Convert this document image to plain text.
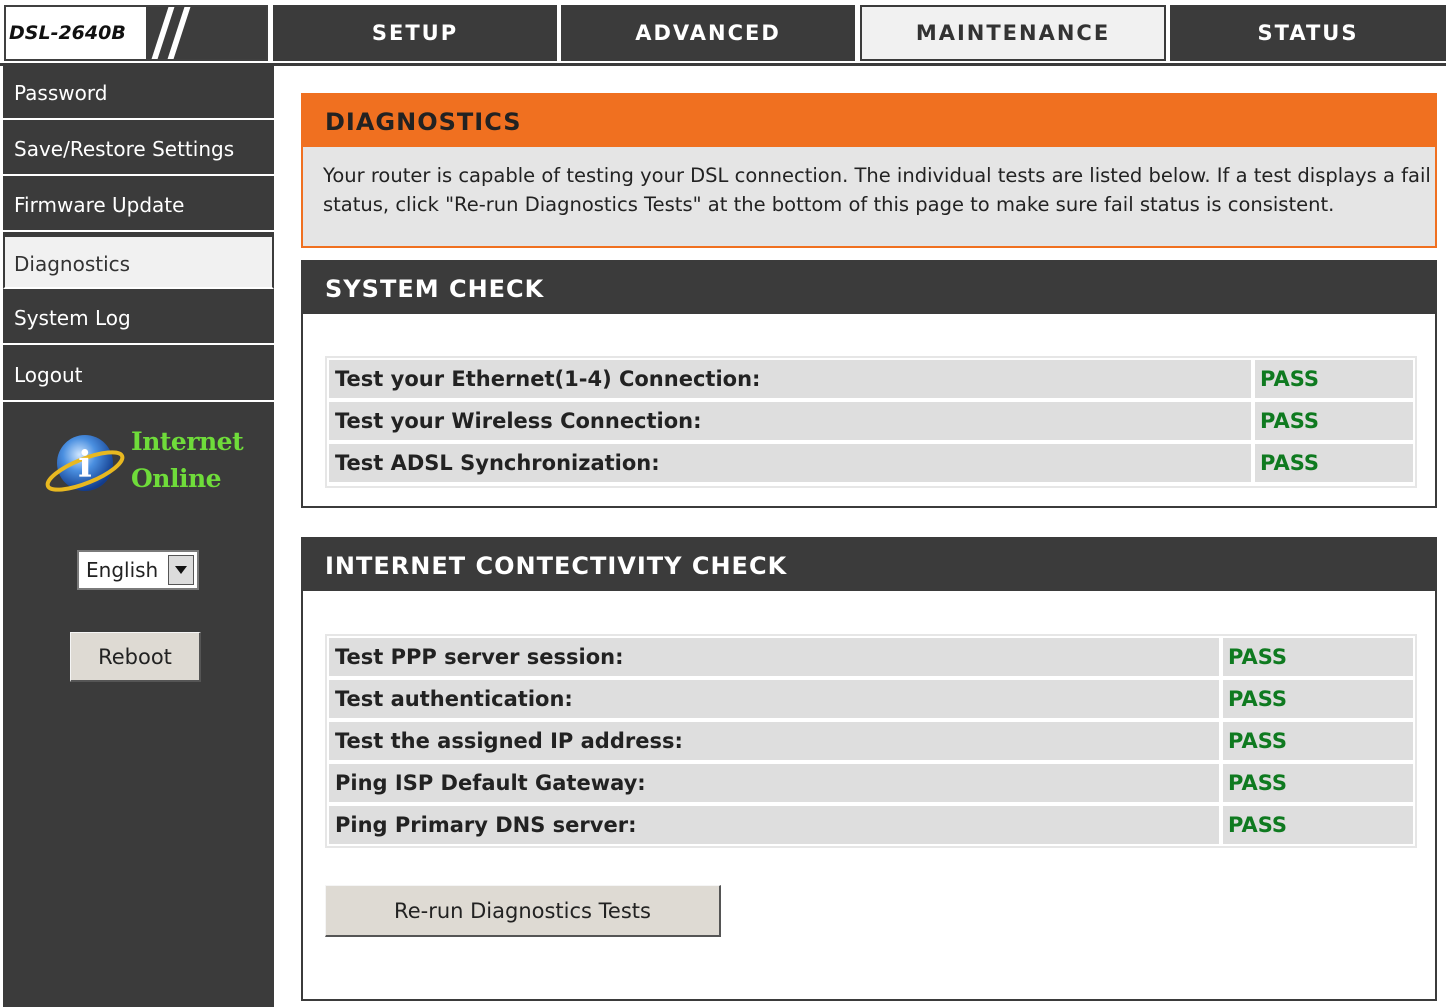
DSL-2640B	SETUP	ADVANCED	MAINTENANCE	STATUS
Password
Save/Restore Settings
Firmware Update
Diagnostics
System Log
Logout
i
Internet
Online
English
Reboot
DIAGNOSTICS
Your router is capable of testing your DSL connection. The individual tests are listed below. If a test displays a fail status, click "Re-run Diagnostics Tests" at the bottom of this page to make sure fail status is consistent.
SYSTEM CHECK
Test your Ethernet(1-4) Connection:	PASS
Test your Wireless Connection:	PASS
Test ADSL Synchronization:	PASS
INTERNET CONTECTIVITY CHECK
Test PPP server session:	PASS
Test authentication:	PASS
Test the assigned IP address:	PASS
Ping ISP Default Gateway:	PASS
Ping Primary DNS server:	PASS
Re-run Diagnostics Tests
